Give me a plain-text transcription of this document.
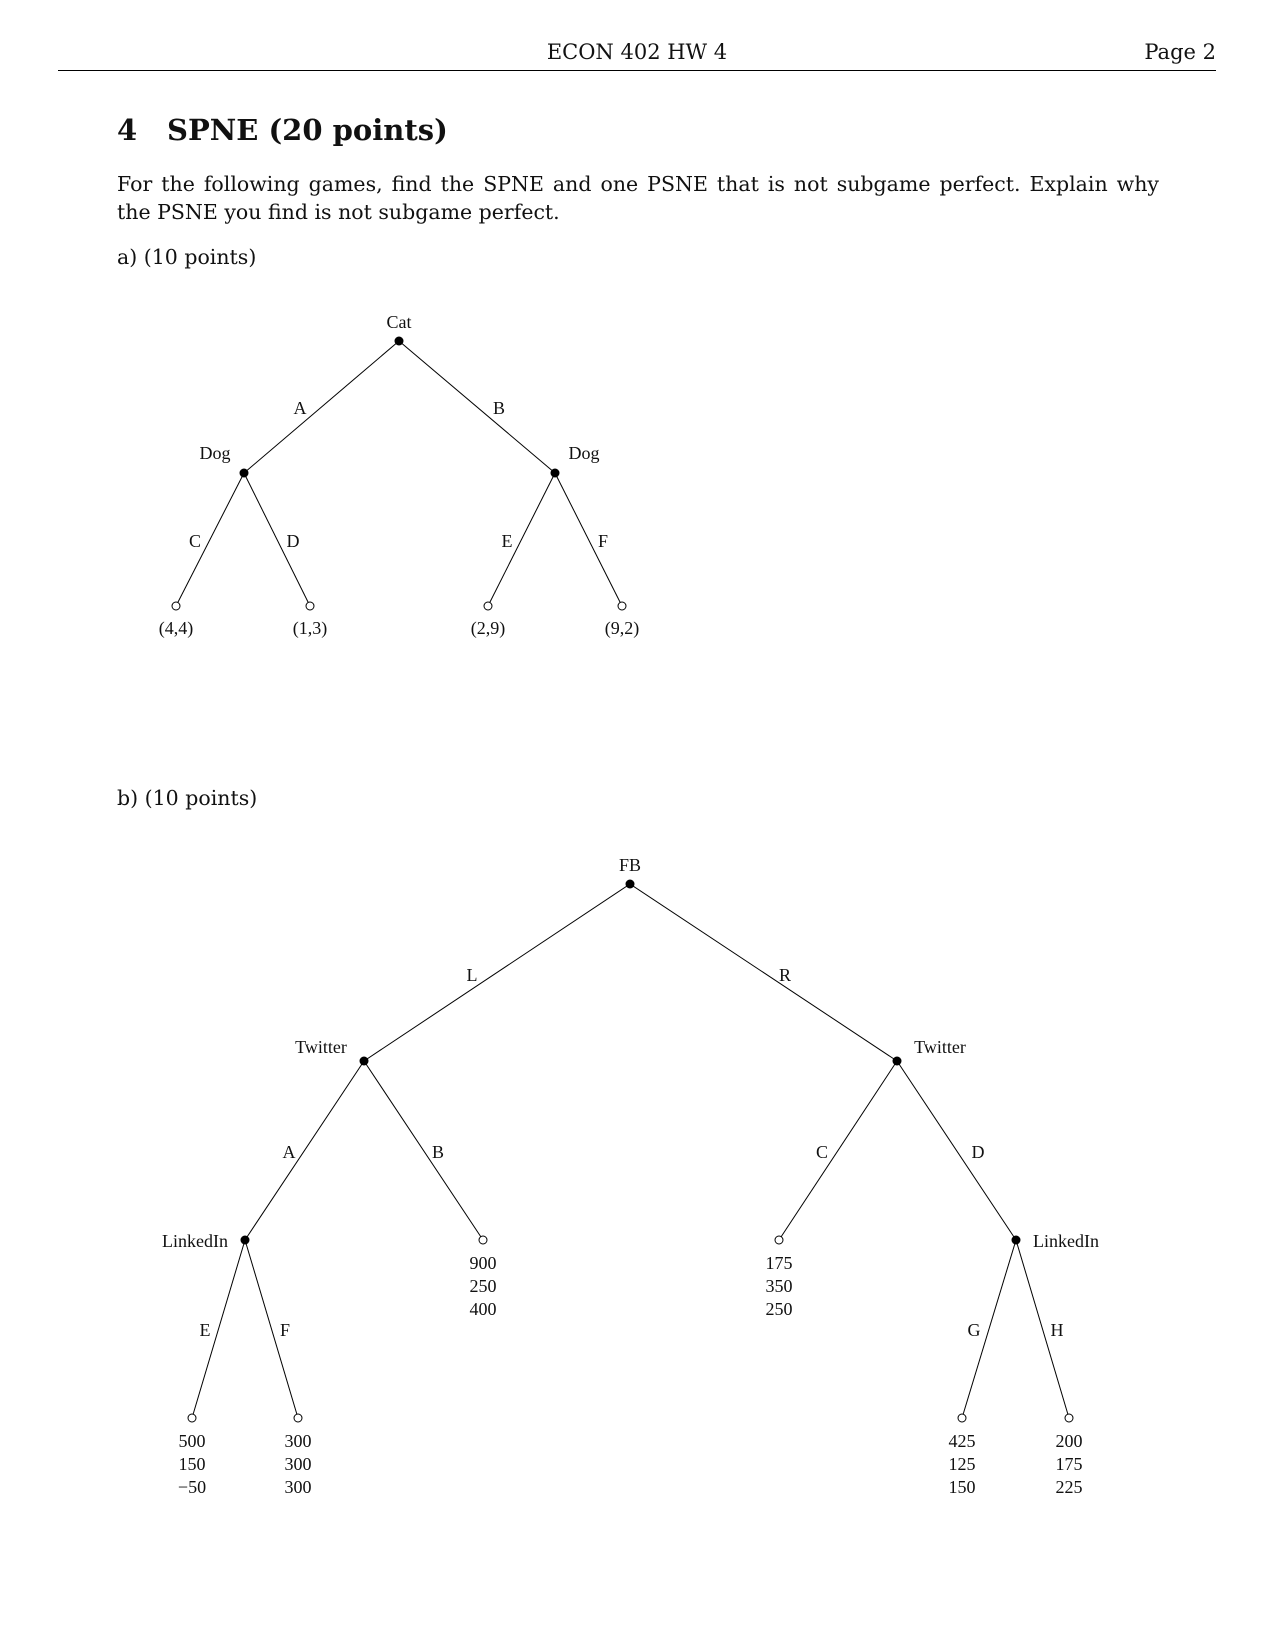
ECON 402 HW 4	Page 2
4 SPNE (20 points)

For the following games, find the SPNE and one PSNE that is not subgame perfect. Explain why the PSNE you find is not subgame perfect.

a) (10 points)

b) (10 points)

Cat
Dog	Dog
A	B
C	D	E	F
(4,4)	(1,3)	(2,9)	(9,2)
FB
Twitter	Twitter
LinkedIn	LinkedIn
L	R
A	B	C	D
E	F	G	H
900
250
400
175
350
250
500
150
−50
300
300
300
425
125
150
200
175
225
